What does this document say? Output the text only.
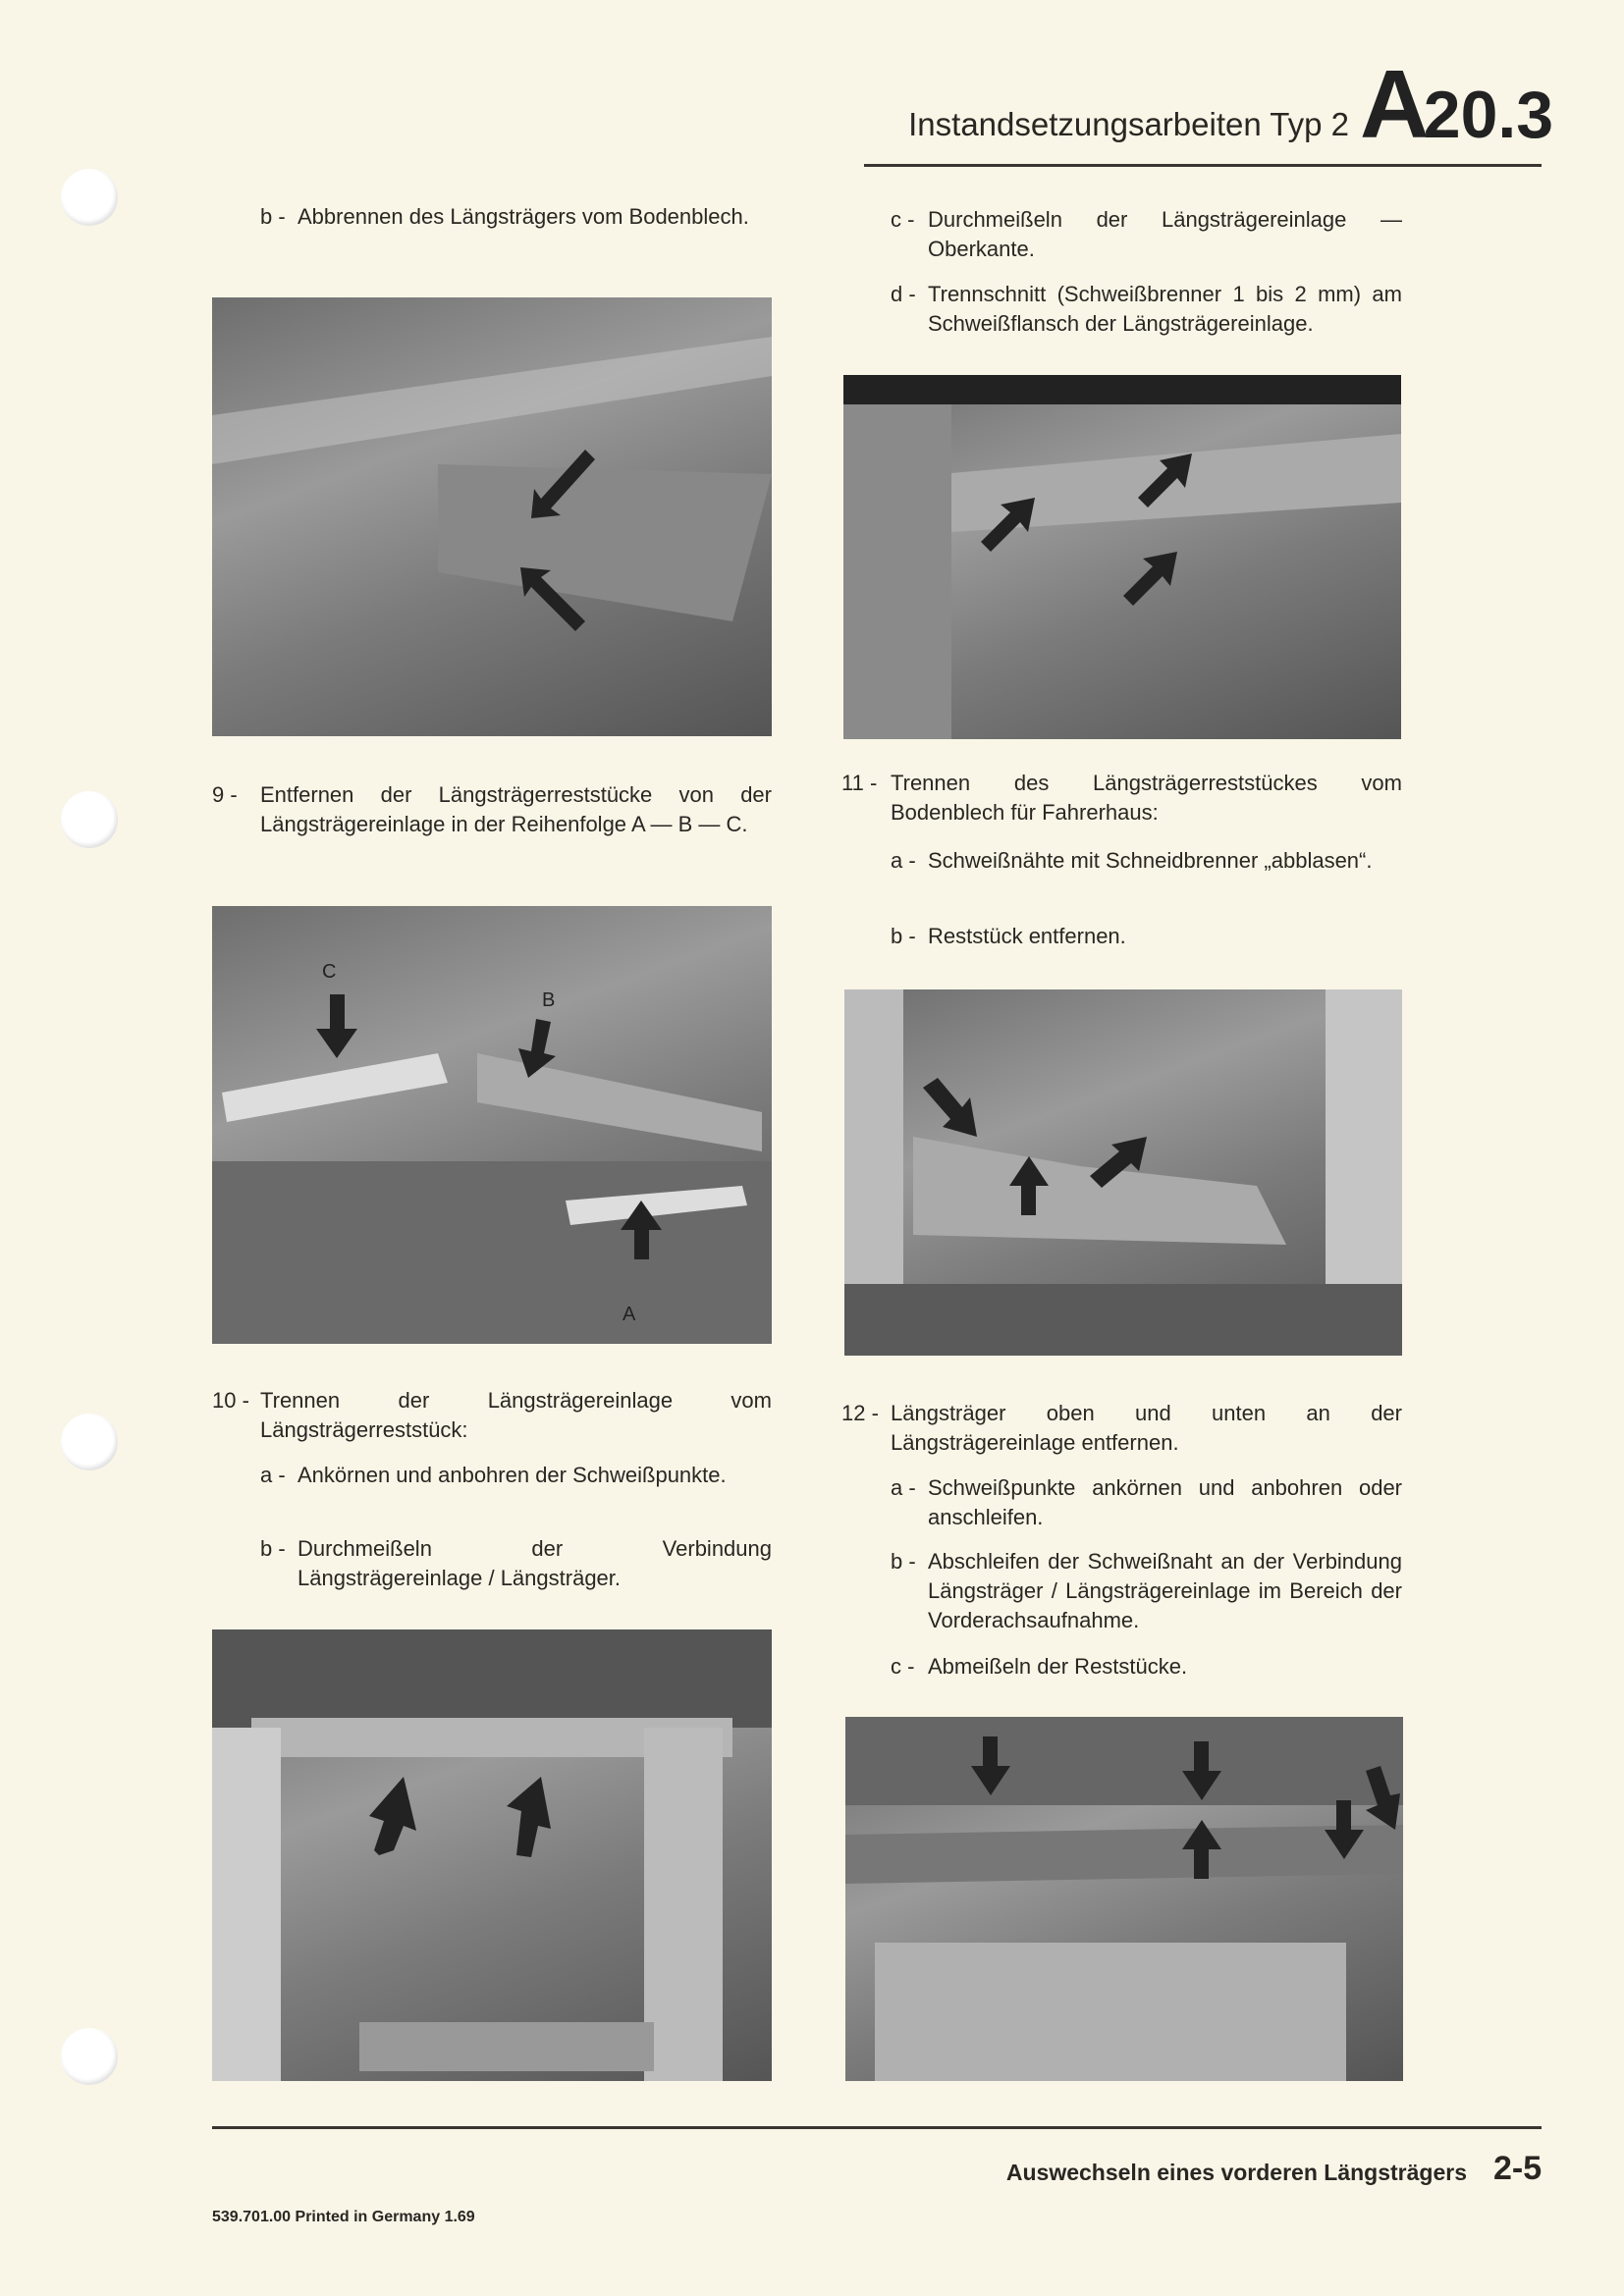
Instandsetzungsarbeiten Typ 2 A20.3
b - Abbrennen des Längsträgers vom Bodenblech.
9 -	Entfernen der Längsträgerreststücke von der Längsträgereinlage in der Reihenfolge A — B — C.
C
B
A
10 - Trennen der Längsträgereinlage vom Längsträgerreststück:
a - Ankörnen und anbohren der Schweißpunkte.
b - Durchmeißeln der Verbindung Längsträgereinlage / Längsträger.
c - Durchmeißeln der Längsträgereinlage — Oberkante.
d - Trennschnitt (Schweißbrenner 1 bis 2 mm) am Schweißflansch der Längsträgereinlage.
11 - Trennen des Längsträgerreststückes vom Bodenblech für Fahrerhaus:
a - Schweißnähte mit Schneidbrenner „abblasen“.
b - Reststück entfernen.
12 - Längsträger oben und unten an der Längsträgereinlage entfernen.
a - Schweißpunkte ankörnen und anbohren oder anschleifen.
b - Abschleifen der Schweißnaht an der Verbindung Längsträger / Längsträgereinlage im Bereich der Vorderachsaufnahme.
c - Abmeißeln der Reststücke.
Auswechseln eines vorderen Längsträgers 2-5
539.701.00 Printed in Germany 1.69
